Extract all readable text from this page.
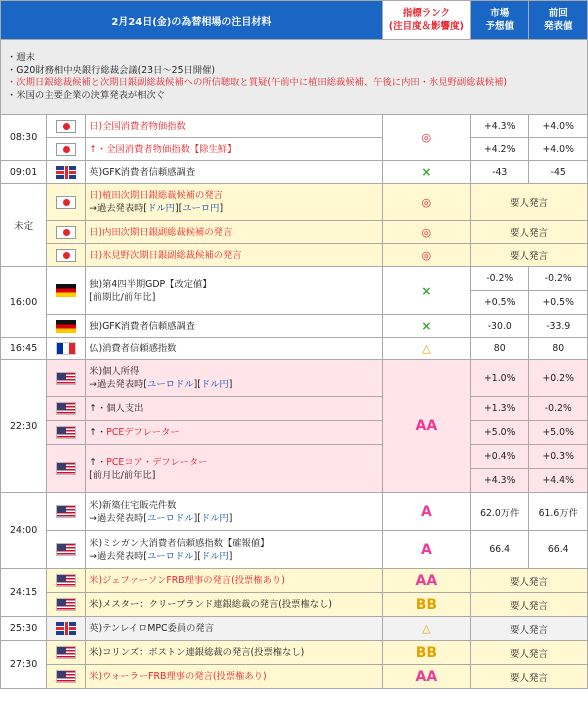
2月24日(金)の為替相場の注目材料			指標ランク
(注目度＆影響度)	市場
予想値	前回
発表値

・週末
・G20財務相中央銀行総裁会議(23日～25日開催)
・次期日銀総裁候補と次期日銀副総裁候補への所信聴取と質疑(午前中に植田総裁候補、午後に内田・氷見野副総裁候補)
・米国の主要企業の決算発表が相次ぐ					

08:30		日)全国消費者物価指数	◎	+4.3%	+4.0%
		↑・全国消費者物価指数【除生鮮】		+4.2%	+4.0%
09:01		英)GFK消費者信頼感調査	×	-43	-45
未定		日)植田次期日銀総裁候補の発言
→過去発表時[ドル円][ユーロ円]	◎	要人発言	
		日)内田次期日銀副総裁候補の発言	◎	要人発言	
		日)氷見野次期日銀副総裁候補の発言	◎	要人発言	
16:00		独)第4四半期GDP【改定値】
[前期比/前年比]	×	-0.2%	-0.2%
				+0.5%	+0.5%
		独)GFK消費者信頼感調査	×	-30.0	-33.9
16:45		仏)消費者信頼感指数	△	80	80
22:30		米)個人所得
→過去発表時[ユーロドル][ドル円]	AA	+1.0%	+0.2%
		↑・個人支出		+1.3%	-0.2%
		↑・PCEデフレーター		+5.0%	+5.0%

		↑・PCEコア・デフレーター
[前月比/前年比]		+0.4%	+0.3%
				+4.3%	+4.4%
24:00		米)新築住宅販売件数
→過去発表時[ユーロドル][ドル円]	A	62.0万件	61.6万件

		米)ミシガン大消費者信頼感指数【確報値】
→過去発表時[ユーロドル][ドル円]	A	66.4	66.4
24:15		米)ジェファーソンFRB理事の発言(投票権あり)	AA	要人発言	
		米)メスター：クリーブランド連銀総裁の発言(投票権なし)	BB	要人発言	
25:30		英)テンレイロMPC委員の発言	△	要人発言	
27:30		米)コリンズ：ボストン連銀総裁の発言(投票権なし)	BB	要人発言	
		米)ウォーラーFRB理事の発言(投票権あり)	AA	要人発言	
